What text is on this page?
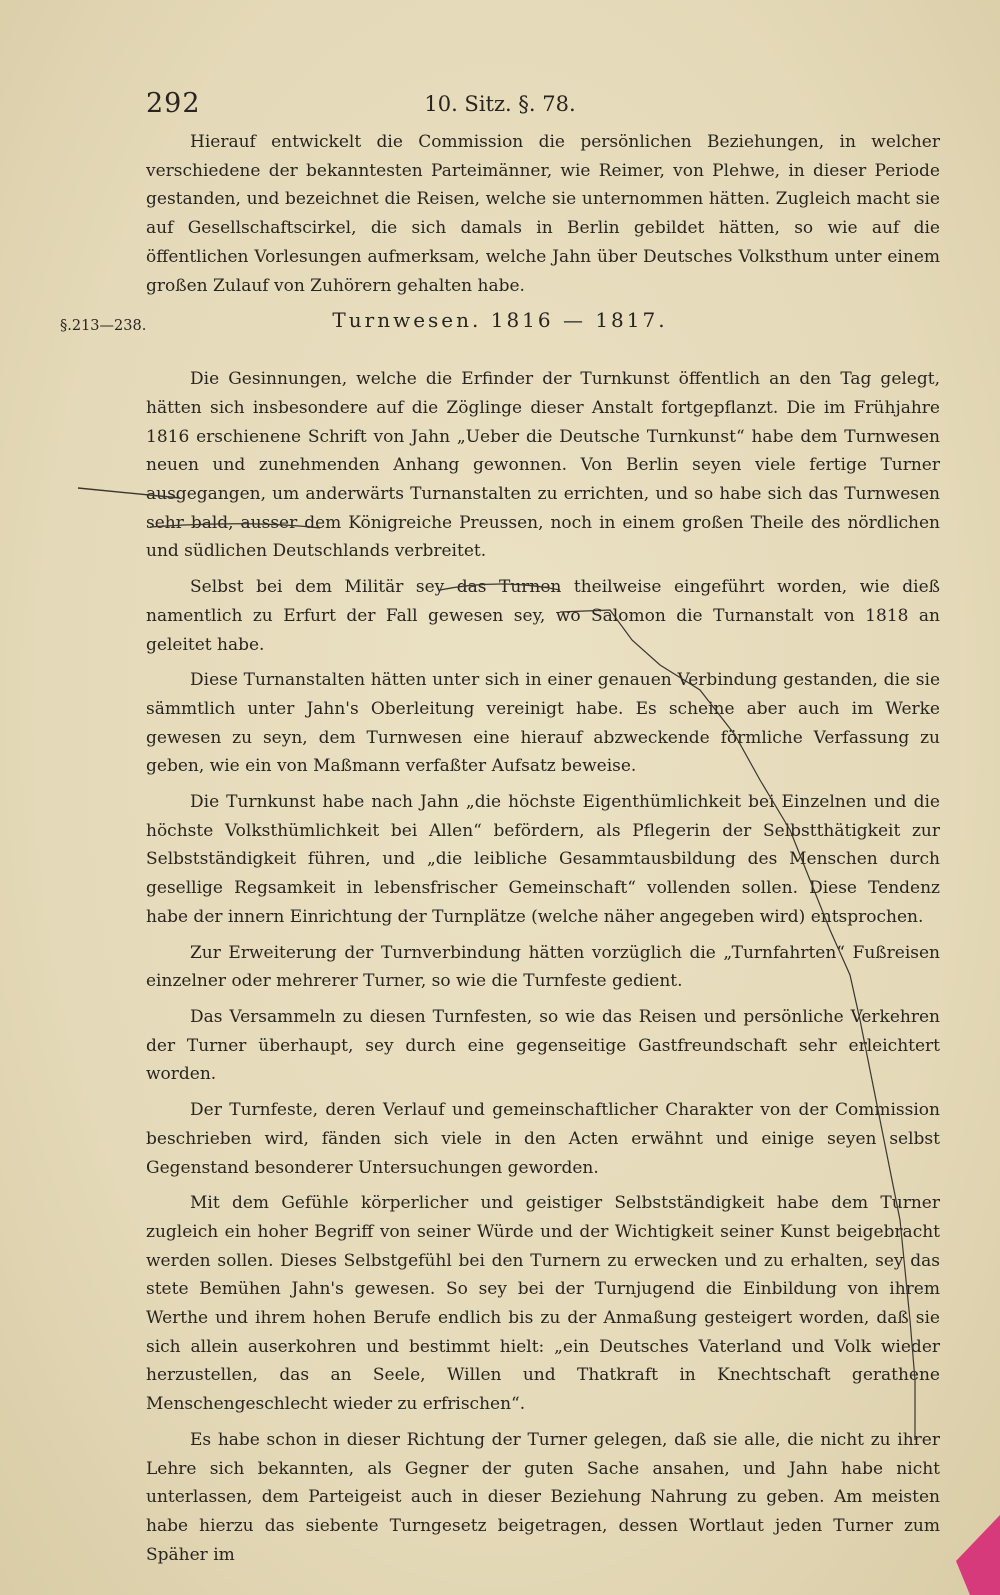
292	10. Sitz. §. 78.
§.213—238.	Turnwesen. 1816 — 1817.

Hierauf entwickelt die Commission die persönlichen Beziehungen, in welcher verschiedene der bekanntesten Parteimänner, wie Reimer, von Plehwe, in dieser Periode gestanden, und bezeichnet die Reisen, welche sie unternommen hätten. Zugleich macht sie auf Gesellschaftscirkel, die sich damals in Berlin gebildet hätten, so wie auf die öffentlichen Vorlesungen aufmerksam, welche Jahn über Deutsches Volksthum unter einem großen Zulauf von Zuhörern gehalten habe.

Die Gesinnungen, welche die Erfinder der Turnkunst öffentlich an den Tag gelegt, hätten sich insbesondere auf die Zöglinge dieser Anstalt fortgepflanzt. Die im Frühjahre 1816 erschienene Schrift von Jahn „Ueber die Deutsche Turnkunst“ habe dem Turnwesen neuen und zunehmenden Anhang gewonnen. Von Berlin seyen viele fertige Turner ausgegangen, um anderwärts Turnanstalten zu errichten, und so habe sich das Turnwesen sehr bald, ausser dem Königreiche Preussen, noch in einem großen Theile des nördlichen und südlichen Deutschlands verbreitet.

Selbst bei dem Militär sey das Turnen theilweise eingeführt worden, wie dieß namentlich zu Erfurt der Fall gewesen sey, wo Salomon die Turnanstalt von 1818 an geleitet habe.

Diese Turnanstalten hätten unter sich in einer genauen Verbindung gestanden, die sie sämmtlich unter Jahn's Oberleitung vereinigt habe. Es scheine aber auch im Werke gewesen zu seyn, dem Turnwesen eine hierauf abzweckende förmliche Verfassung zu geben, wie ein von Maßmann verfaßter Aufsatz beweise.

Die Turnkunst habe nach Jahn „die höchste Eigenthümlichkeit bei Einzelnen und die höchste Volksthümlichkeit bei Allen“ befördern, als Pflegerin der Selbstthätigkeit zur Selbstständigkeit führen, und „die leibliche Gesammtausbildung des Menschen durch gesellige Regsamkeit in lebensfrischer Gemeinschaft“ vollenden sollen. Diese Tendenz habe der innern Einrichtung der Turnplätze (welche näher angegeben wird) entsprochen.

Zur Erweiterung der Turnverbindung hätten vorzüglich die „Turnfahrten“ Fußreisen einzelner oder mehrerer Turner, so wie die Turnfeste gedient.

Das Versammeln zu diesen Turnfesten, so wie das Reisen und persönliche Verkehren der Turner überhaupt, sey durch eine gegenseitige Gastfreundschaft sehr erleichtert worden.

Der Turnfeste, deren Verlauf und gemeinschaftlicher Charakter von der Commission beschrieben wird, fänden sich viele in den Acten erwähnt und einige seyen selbst Gegenstand besonderer Untersuchungen geworden.

Mit dem Gefühle körperlicher und geistiger Selbstständigkeit habe dem Turner zugleich ein hoher Begriff von seiner Würde und der Wichtigkeit seiner Kunst beigebracht werden sollen. Dieses Selbstgefühl bei den Turnern zu erwecken und zu erhalten, sey das stete Bemühen Jahn's gewesen. So sey bei der Turnjugend die Einbildung von ihrem Werthe und ihrem hohen Berufe endlich bis zu der Anmaßung gesteigert worden, daß sie sich allein auserkohren und bestimmt hielt: „ein Deutsches Vaterland und Volk wieder herzustellen, das an Seele, Willen und Thatkraft in Knechtschaft gerathene Menschengeschlecht wieder zu erfrischen“.

Es habe schon in dieser Richtung der Turner gelegen, daß sie alle, die nicht zu ihrer Lehre sich bekannten, als Gegner der guten Sache ansahen, und Jahn habe nicht unterlassen, dem Parteigeist auch in dieser Beziehung Nahrung zu geben. Am meisten habe hierzu das siebente Turngesetz beigetragen, dessen Wortlaut jeden Turner zum Späher im
